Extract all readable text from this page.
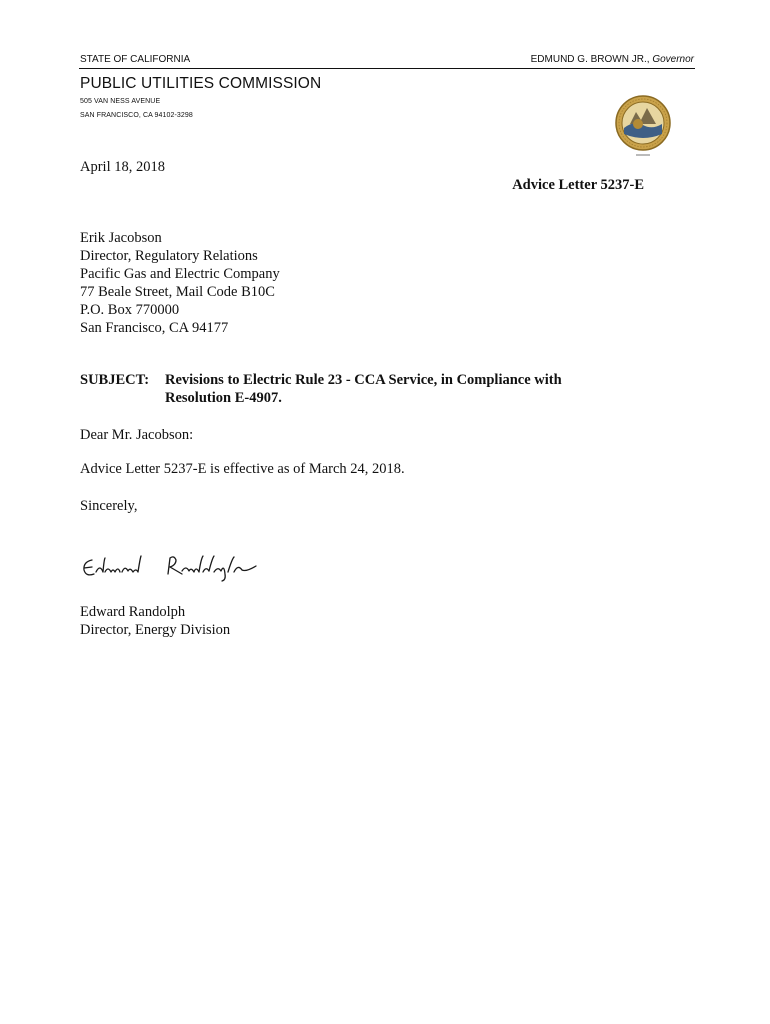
STATE OF CALIFORNIA	EDMUND G. BROWN JR., Governor
PUBLIC UTILITIES COMMISSION
505 VAN NESS AVENUE
SAN FRANCISCO, CA 94102-3298
April 18, 2018
Advice Letter 5237-E
Erik Jacobson
Director, Regulatory Relations
Pacific Gas and Electric Company
77 Beale Street, Mail Code B10C
P.O. Box 770000
San Francisco, CA 94177
SUBJECT: Revisions to Electric Rule 23 - CCA Service, in Compliance with
Resolution E-4907.
Dear Mr. Jacobson:
Advice Letter 5237-E is effective as of March 24, 2018.
Sincerely,
Edward Randolph
Director, Energy Division
